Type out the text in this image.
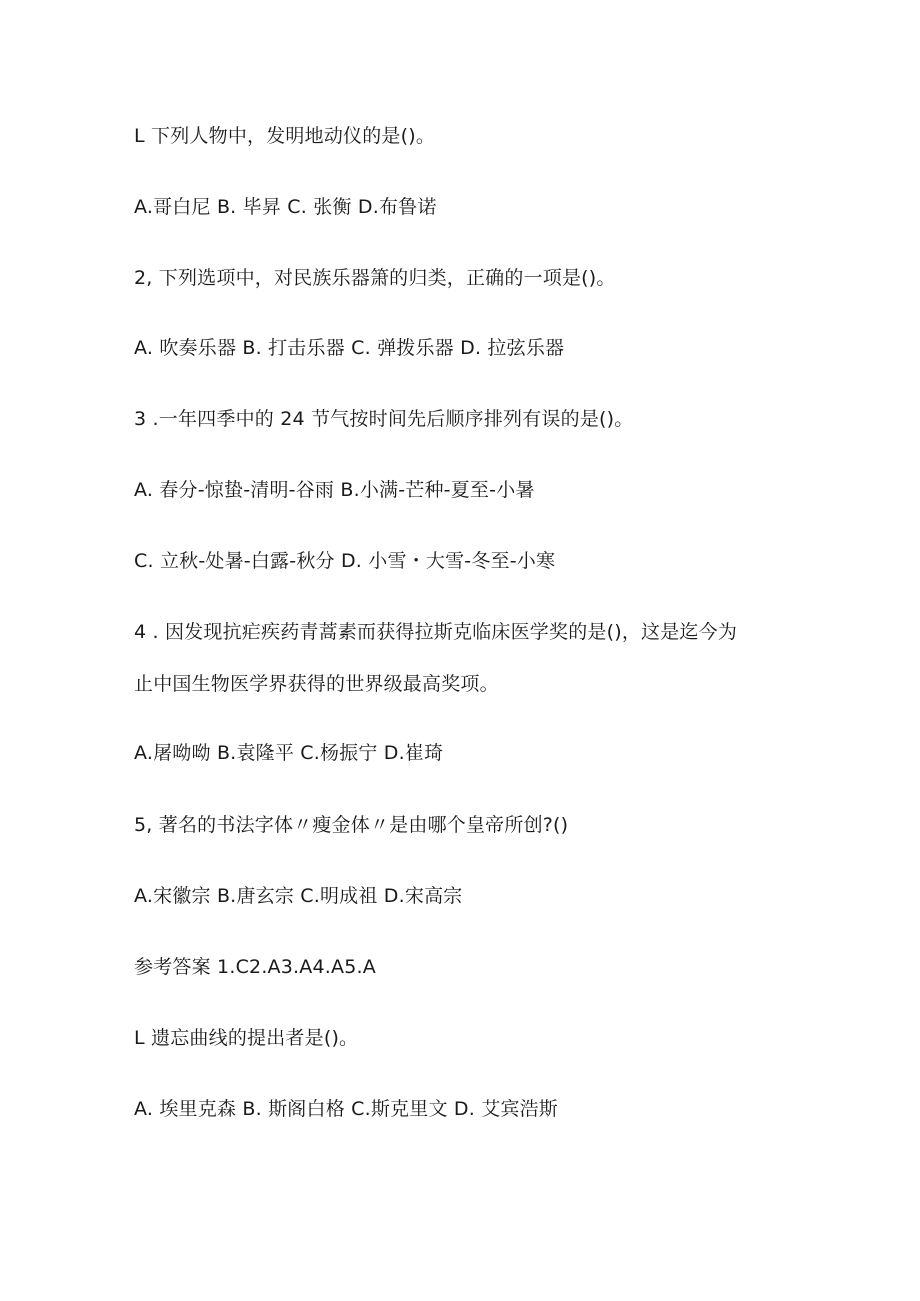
L 下列人物中，发明地动仪的是()。
A.哥白尼 B. 毕昇 C. 张衡 D.布鲁诺
2, 下列选项中，对民族乐器箫的归类，正确的一项是()。
A. 吹奏乐器 B. 打击乐器 C. 弹拨乐器 D. 拉弦乐器
3 .一年四季中的 24 节气按时间先后顺序排列有误的是()。
A. 春分-惊蛰-清明-谷雨 B.小满-芒种-夏至-小暑
C. 立秋-处暑-白露-秋分 D. 小雪・大雪-冬至-小寒
4 . 因发现抗疟疾药青蒿素而获得拉斯克临床医学奖的是()，这是迄今为
止中国生物医学界获得的世界级最高奖项。
A.屠呦呦 B.袁隆平 C.杨振宁 D.崔琦
5, 著名的书法字体〃瘦金体〃是由哪个皇帝所创?()
A.宋徽宗 B.唐玄宗 C.明成祖 D.宋高宗
参考答案 1.C2.A3.A4.A5.A
L 遗忘曲线的提出者是()。
A. 埃里克森 B. 斯阁白格 C.斯克里文 D. 艾宾浩斯
